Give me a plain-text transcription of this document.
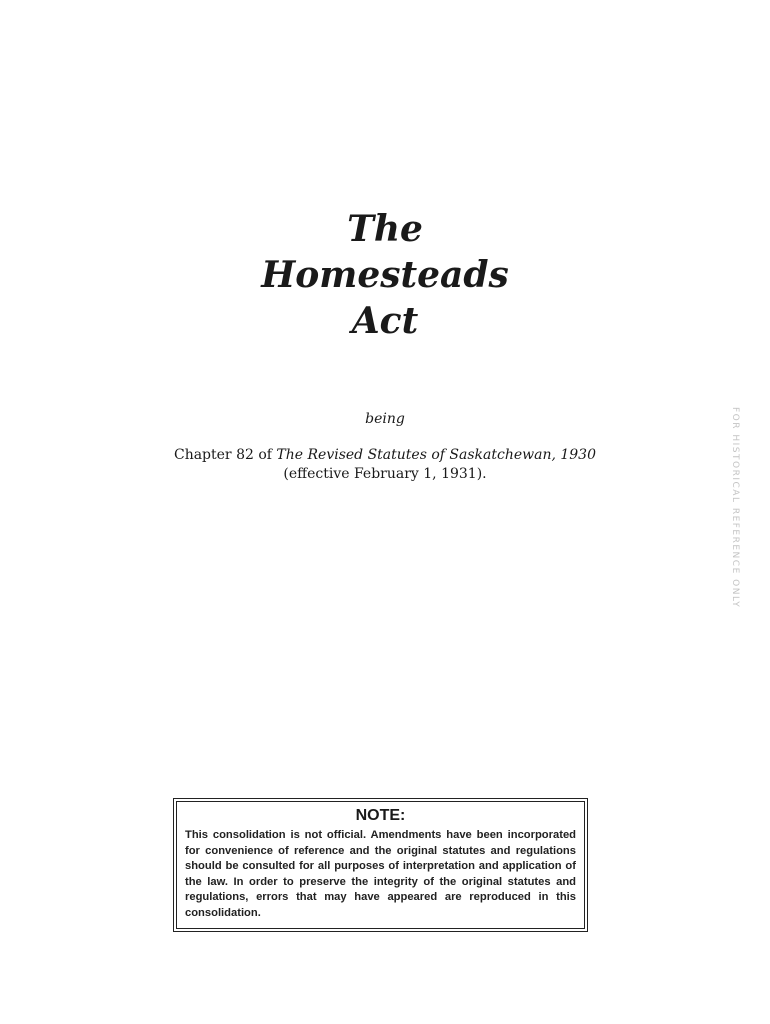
The
Homesteads
Act
being
Chapter 82 of The Revised Statutes of Saskatchewan, 1930
(effective February 1, 1931).	FOR HISTORICAL REFERENCE ONLY
NOTE:
This consolidation is not official. Amendments have been incorporated for convenience of reference and the original statutes and regulations should be consulted for all purposes of interpretation and application of the law. In order to preserve the integrity of the original statutes and regulations, errors that may have appeared are reproduced in this consolidation.
